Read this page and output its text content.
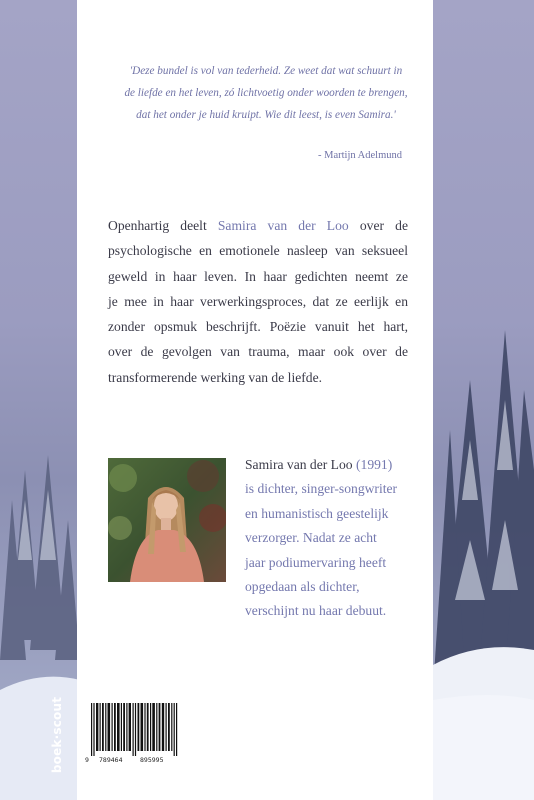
'Deze bundel is vol van tederheid. Ze weet dat wat schuurt in
de liefde en het leven, zó lichtvoetig onder woorden te brengen,
dat het onder je huid kruipt. Wie dit leest, is even Samira.'
- Martijn Adelmund
Openhartig deelt Samira van der Loo over de
psychologische en emotionele nasleep van seksueel
geweld in haar leven. In haar gedichten neemt ze
je mee in haar verwerkingsproces, dat ze eerlijk en
zonder opsmuk beschrijft. Poëzie vanuit het hart,
over de gevolgen van trauma, maar ook over de
transformerende werking van de liefde.
Samira van der Loo (1991)
is dichter, singer-songwriter
en humanistisch geestelijk
verzorger. Nadat ze acht
jaar podiumervaring heeft
opgedaan als dichter,
verschijnt nu haar debuut.
boek·scout	9 789464	895995
